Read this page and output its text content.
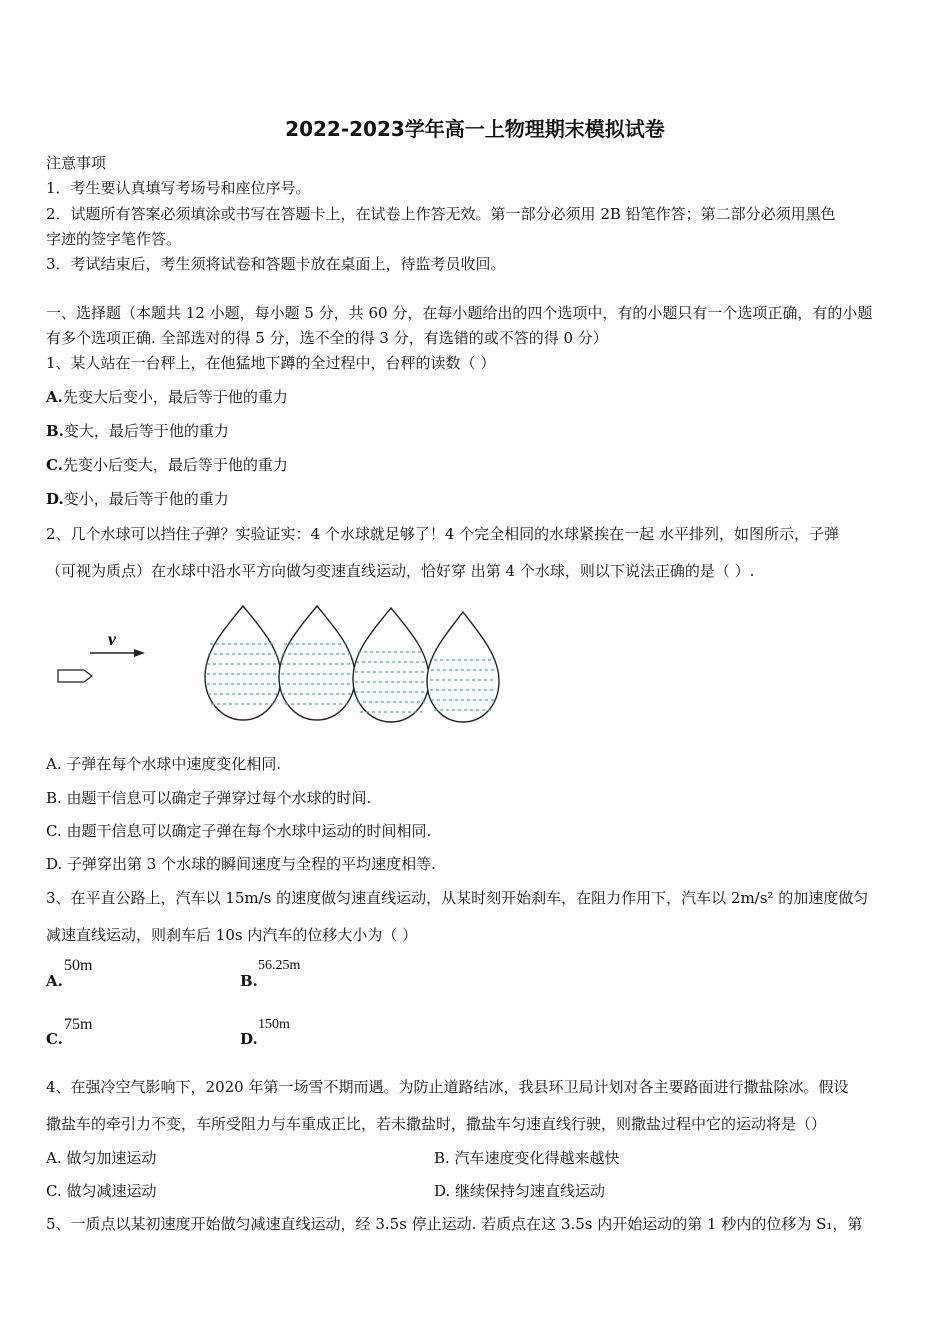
2022-2023学年高一上物理期末模拟试卷
注意事项
1．考生要认真填写考场号和座位序号。
2．试题所有答案必须填涂或书写在答题卡上，在试卷上作答无效。第一部分必须用 2B 铅笔作答；第二部分必须用黑色
字迹的签字笔作答。
3．考试结束后，考生须将试卷和答题卡放在桌面上，待监考员收回。
一、选择题（本题共 12 小题，每小题 5 分，共 60 分，在每小题给出的四个选项中，有的小题只有一个选项正确，有的小题
有多个选项正确. 全部选对的得 5 分，选不全的得 3 分，有选错的或不答的得 0 分）
1、某人站在一台秤上，在他猛地下蹲的全过程中，台秤的读数（ ）
A.先变大后变小，最后等于他的重力
B.变大，最后等于他的重力
C.先变小后变大，最后等于他的重力
D.变小，最后等于他的重力
2、几个水球可以挡住子弹？实验证实：4 个水球就足够了！4 个完全相同的水球紧挨在一起 水平排列，如图所示，子弹
（可视为质点）在水球中沿水平方向做匀变速直线运动，恰好穿 出第 4 个水球，则以下说法正确的是（ ）.
v
A. 子弹在每个水球中速度变化相同.
B. 由题干信息可以确定子弹穿过每个水球的时间.
C. 由题干信息可以确定子弹在每个水球中运动的时间相同.
D. 子弹穿出第 3 个水球的瞬间速度与全程的平均速度相等.
3、在平直公路上，汽车以 15m/s 的速度做匀速直线运动，从某时刻开始刹车，在阻力作用下，汽车以 2m/s² 的加速度做匀
减速直线运动，则刹车后 10s 内汽车的位移大小为（ ）
A.
50m
B.
56.25m
C.
75m
D.
150m
4、在强冷空气影响下，2020 年第一场雪不期而遇。为防止道路结冰，我县环卫局计划对各主要路面进行撒盐除冰。假设
撒盐车的牵引力不变，车所受阻力与车重成正比，若未撒盐时，撒盐车匀速直线行驶，则撒盐过程中它的运动将是（）
A. 做匀加速运动	B. 汽车速度变化得越来越快
C. 做匀减速运动	D. 继续保持匀速直线运动
5、一质点以某初速度开始做匀减速直线运动，经 3.5s 停止运动. 若质点在这 3.5s 内开始运动的第 1 秒内的位移为 S₁，第
